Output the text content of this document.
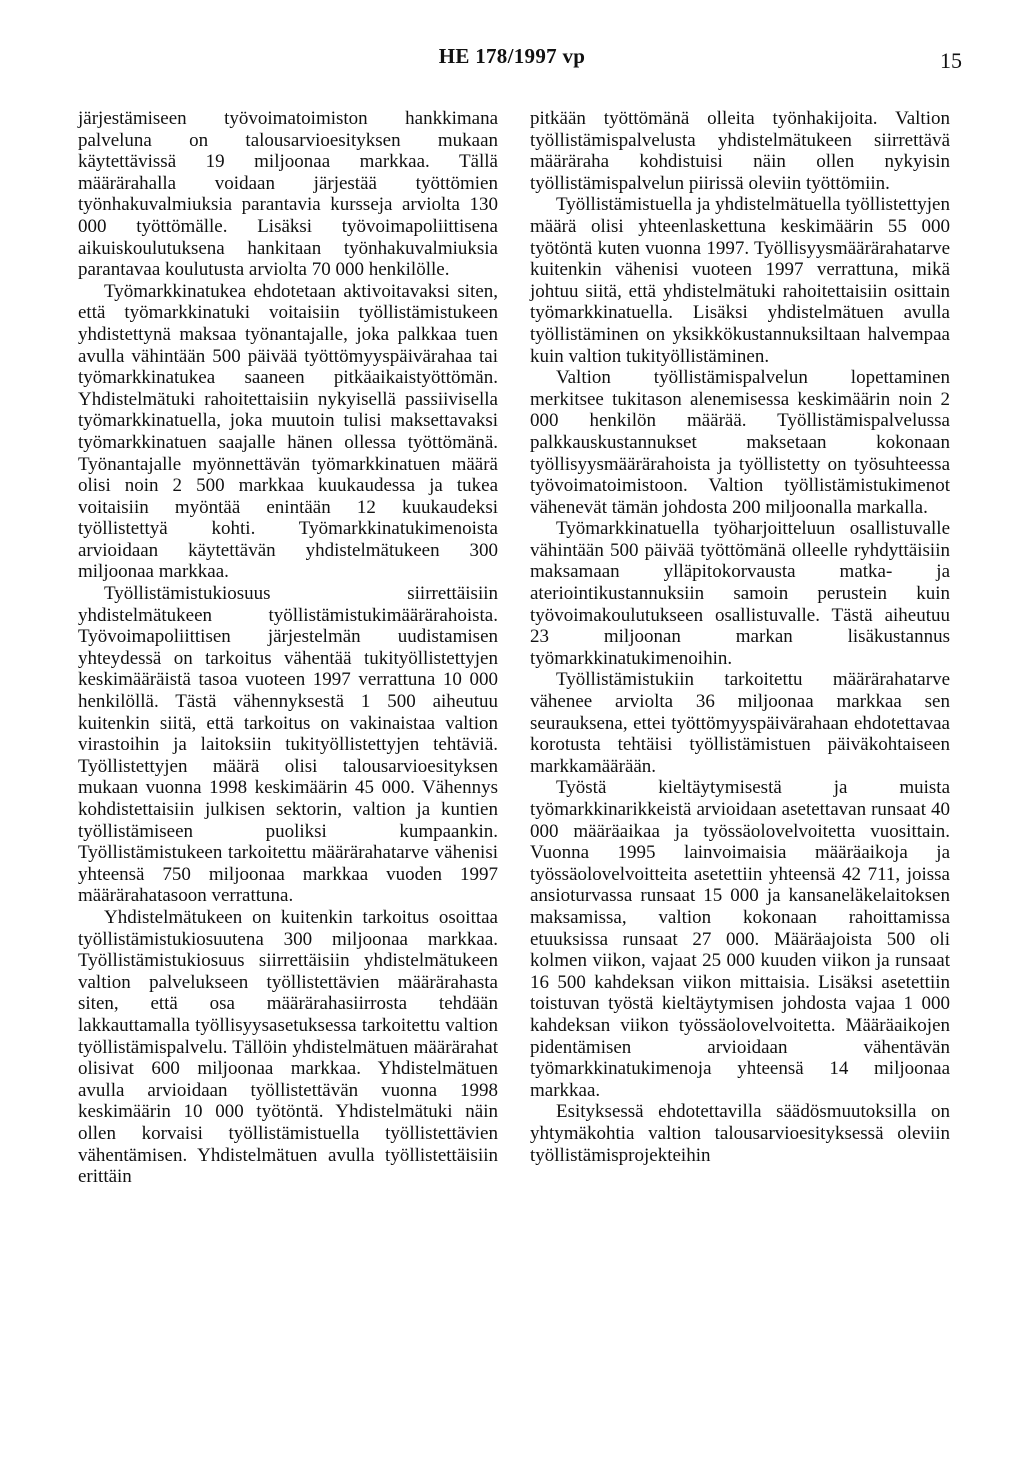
HE 178/1997 vp	15

järjestämiseen työvoimatoimiston hankkimana palveluna on talousarvioesityksen mukaan käytettävissä 19 miljoonaa markkaa. Tällä määrärahalla voidaan järjestää työttömien työnhakuvalmiuksia parantavia kursseja arviolta 130 000 työttömälle. Lisäksi työvoimapoliittisena aikuiskoulutuksena hankitaan työnhakuvalmiuksia parantavaa koulutusta arviolta 70 000 henkilölle.

Työmarkkinatukea ehdotetaan aktivoitavaksi siten, että työmarkkinatuki voitaisiin työllistämistukeen yhdistettynä maksaa työnantajalle, joka palkkaa tuen avulla vähintään 500 päivää työttömyyspäivärahaa tai työmarkkinatukea saaneen pitkäaikaistyöttömän. Yhdistelmätuki rahoitettaisiin nykyisellä passiivisella työmarkkinatuella, joka muutoin tulisi maksettavaksi työmarkkinatuen saajalle hänen ollessa työttömänä. Työnantajalle myönnettävän työmarkkinatuen määrä olisi noin 2 500 markkaa kuukaudessa ja tukea voitaisiin myöntää enintään 12 kuukaudeksi työllistettyä kohti. Työmarkkinatukimenoista arvioidaan käytettävän yhdistelmätukeen 300 miljoonaa markkaa.

Työllistämistukiosuus siirrettäisiin yhdistelmätukeen työllistämistukimäärärahoista. Työvoimapoliittisen järjestelmän uudistamisen yhteydessä on tarkoitus vähentää tukityöllistettyjen keskimääräistä tasoa vuoteen 1997 verrattuna 10 000 henkilöllä. Tästä vähennyksestä 1 500 aiheutuu kuitenkin siitä, että tarkoitus on vakinaistaa valtion virastoihin ja laitoksiin tukityöllistettyjen tehtäviä. Työllistettyjen määrä olisi talousarvioesityksen mukaan vuonna 1998 keskimäärin 45 000. Vähennys kohdistettaisiin julkisen sektorin, valtion ja kuntien työllistämiseen puoliksi kumpaankin. Työllistämistukeen tarkoitettu määrärahatarve vähenisi yhteensä 750 miljoonaa markkaa vuoden 1997 määrärahatasoon verrattuna.

Yhdistelmätukeen on kuitenkin tarkoitus osoittaa työllistämistukiosuutena 300 miljoonaa markkaa. Työllistämistukiosuus siirrettäisiin yhdistelmätukeen valtion palvelukseen työllistettävien määrärahasta siten, että osa määrärahasiirrosta tehdään lakkauttamalla työllisyysasetuksessa tarkoitettu valtion työllistämispalvelu. Tällöin yhdistelmätuen määrärahat olisivat 600 miljoonaa markkaa. Yhdistelmätuen avulla arvioidaan työllistettävän vuonna 1998 keskimäärin 10 000 työtöntä. Yhdistelmätuki näin ollen korvaisi työllistämistuella työllistettävien vähentämisen. Yhdistelmätuen avulla työllistettäisiin erittäin

pitkään työttömänä olleita työnhakijoita. Valtion työllistämispalvelusta yhdistelmätukeen siirrettävä määräraha kohdistuisi näin ollen nykyisin työllistämispalvelun piirissä oleviin työttömiin.

Työllistämistuella ja yhdistelmätuella työllistettyjen määrä olisi yhteenlaskettuna keskimäärin 55 000 työtöntä kuten vuonna 1997. Työllisyysmäärärahatarve kuitenkin vähenisi vuoteen 1997 verrattuna, mikä johtuu siitä, että yhdistelmätuki rahoitettaisiin osittain työmarkkinatuella. Lisäksi yhdistelmätuen avulla työllistäminen on yksikkökustannuksiltaan halvempaa kuin valtion tukityöllistäminen.

Valtion työllistämispalvelun lopettaminen merkitsee tukitason alenemisessa keskimäärin noin 2 000 henkilön määrää. Työllistämispalvelussa palkkauskustannukset maksetaan kokonaan työllisyysmäärärahoista ja työllistetty on työsuhteessa työvoimatoimistoon. Valtion työllistämistukimenot vähenevät tämän johdosta 200 miljoonalla markalla.

Työmarkkinatuella työharjoitteluun osallistuvalle vähintään 500 päivää työttömänä olleelle ryhdyttäisiin maksamaan ylläpitokorvausta matka- ja ateriointikustannuksiin samoin perustein kuin työvoimakoulutukseen osallistuvalle. Tästä aiheutuu 23 miljoonan markan lisäkustannus työmarkkinatukimenoihin.

Työllistämistukiin tarkoitettu määrärahatarve vähenee arviolta 36 miljoonaa markkaa sen seurauksena, ettei työttömyyspäivärahaan ehdotettavaa korotusta tehtäisi työllistämistuen päiväkohtaiseen markkamäärään.

Työstä kieltäytymisestä ja muista työmarkkinarikkeistä arvioidaan asetettavan runsaat 40 000 määräaikaa ja työssäolovelvoitetta vuosittain. Vuonna 1995 lainvoimaisia määräaikoja ja työssäolovelvoitteita asetettiin yhteensä 42 711, joissa ansioturvassa runsaat 15 000 ja kansaneläkelaitoksen maksamissa, valtion kokonaan rahoittamissa etuuksissa runsaat 27 000. Määräajoista 500 oli kolmen viikon, vajaat 25 000 kuuden viikon ja runsaat 16 500 kahdeksan viikon mittaisia. Lisäksi asetettiin toistuvan työstä kieltäytymisen johdosta vajaa 1 000 kahdeksan viikon työssäolovelvoitetta. Määräaikojen pidentämisen arvioidaan vähentävän työmarkkinatukimenoja yhteensä 14 miljoonaa markkaa.

Esityksessä ehdotettavilla säädösmuutoksilla on yhtymäkohtia valtion talousarvioesityksessä oleviin työllistämisprojekteihin
